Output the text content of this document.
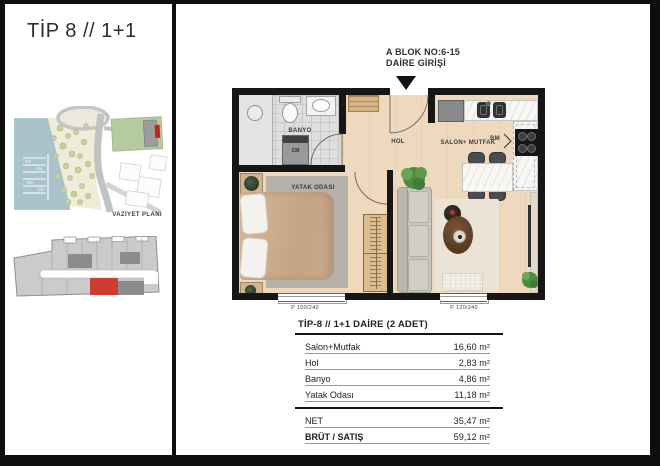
TİP 8 // 1+1
VAZİYET PLANI
A BLOK NO:6-15
DAİRE GİRİŞİ
CM
BANYO
HOL	SALON+ MUTFAK
BM
YATAK ODASI
P 150/240	P 120/240
TİP-8 // 1+1 DAİRE (2 ADET)
Salon+Mutfak	16,60 m²
Hol	2,83 m²
Banyo	4,86 m²
Yatak Odası	11,18 m²
NET	35,47 m²
BRÜT / SATIŞ	59,12 m²
